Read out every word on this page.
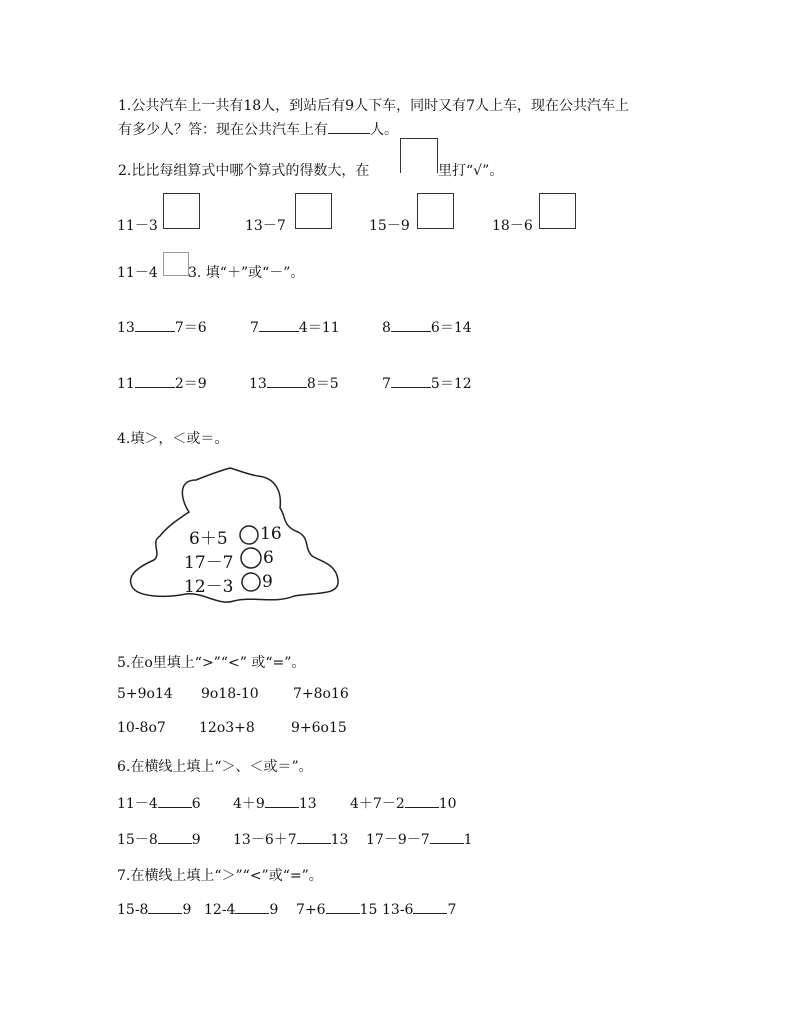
1.公共汽车上一共有18人，到站后有9人下车，同时又有7人上车，现在公共汽车上
有多少人？答：现在公共汽车上有	人。
2.比比每组算式中哪个算式的得数大，在	里打“√”。
11－3	13－7	15－9	18－6
11－4 3. 填“＋”或“－”。
13	7＝6	7	4＝11	8	6＝14
11	2＝9	13	8＝5	7	5＝12
4.填＞，＜或＝。
6＋5 16
17－7 6
12－3 9
5.在o里填上“>”“<” 或“=”。
5+9o14 9o18-10 7+8o16
10-8o7 12o3+8	9+6o15
6.在横线上填上“＞、＜或＝”。
11－4 6 4＋9 13 4＋7－2 10
15－8 9 13－6＋7 13 17－9－7 1
7.在横线上填上“＞”“<”或“=”。
15-8 9 12-4 9 7+6 15 13-6 7
